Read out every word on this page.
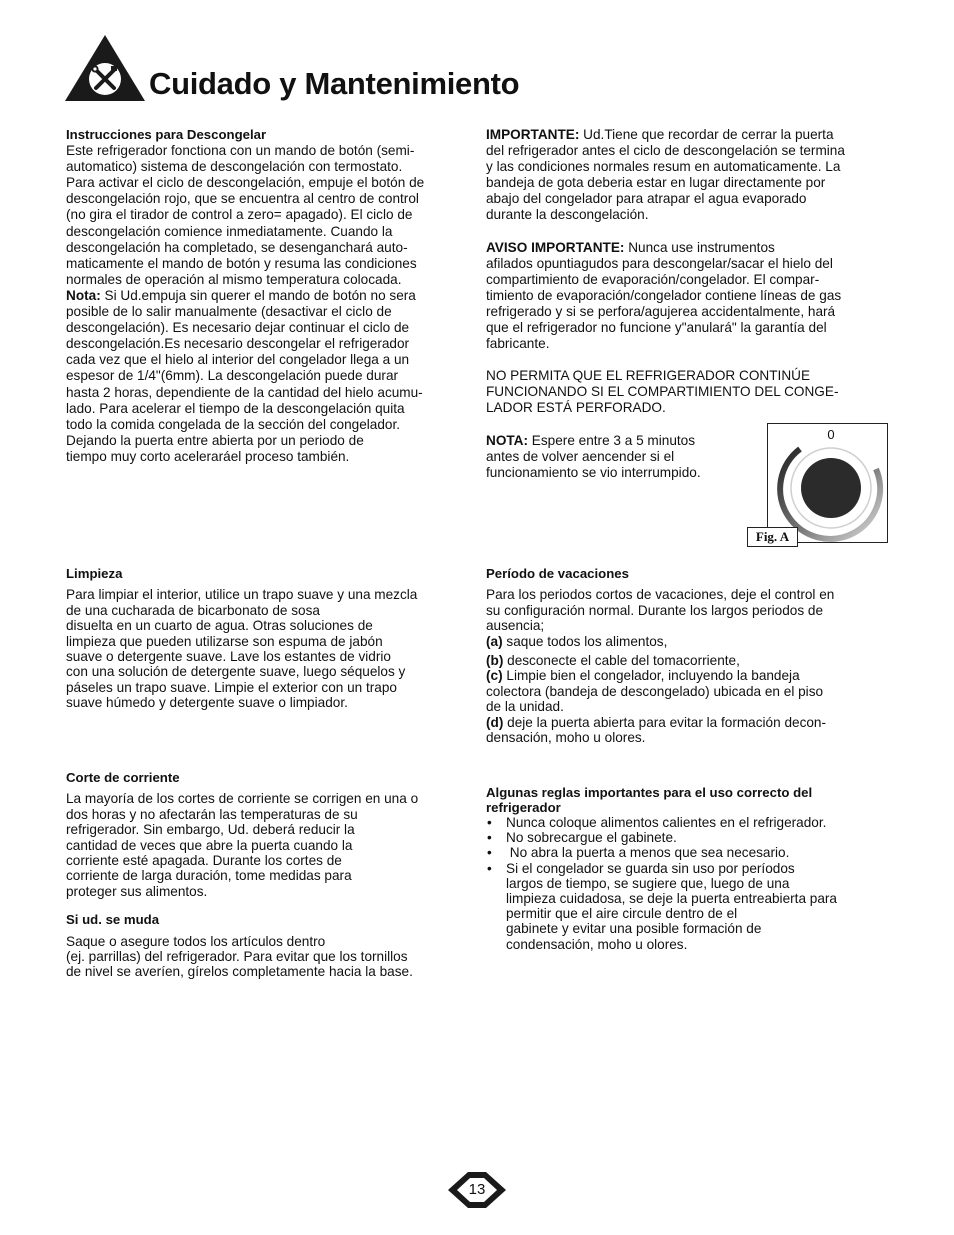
Cuidado y Mantenimiento
Instrucciones para Descongelar
Este refrigerador fonctiona con un mando de botón (semi-
automatico) sistema de descongelación con termostato.
Para activar el ciclo de descongelación, empuje el botón de
descongelación rojo, que se encuentra al centro de control
(no gira el tirador de control a zero= apagado). El ciclo de
descongelación comience inmediatamente. Cuando la
descongelación ha completado, se desenganchará auto-
maticamente el mando de botón y resuma las condiciones
normales de operación al mismo temperatura colocada.
Nota: Si Ud.empuja sin querer el mando de botón no sera
posible de lo salir manualmente (desactivar el ciclo de
descongelación). Es necesario dejar continuar el ciclo de
descongelación.Es necesario descongelar el refrigerador
cada vez que el hielo al interior del congelador llega a un
espesor de 1/4"(6mm). La descongelación puede durar
hasta 2 horas, dependiente de la cantidad del hielo acumu-
lado. Para acelerar el tiempo de la descongelación quita
todo la comida congelada de la sección del congelador.
Dejando la puerta entre abierta por un periodo de
tiempo muy corto aceleraráel proceso también.
IMPORTANTE: Ud.Tiene que recordar de cerrar la puerta
del refrigerador antes el ciclo de descongelación se termina
y las condiciones normales resum en automaticamente. La
bandeja de gota deberia estar en lugar directamente por
abajo del congelador para atrapar el agua evaporado
durante la descongelación.
AVISO IMPORTANTE: Nunca use instrumentos
afilados opuntiagudos para descongelar/sacar el hielo del
compartimiento de evaporación/congelador. El compar-
timiento de evaporación/congelador contiene líneas de gas
refrigerado y si se perfora/agujerea accidentalmente, hará
que el refrigerador no funcione y"anulará" la garantía del
fabricante.
NO PERMITA QUE EL REFRIGERADOR CONTINÚE
FUNCIONANDO SI EL COMPARTIMIENTO DEL CONGE-
LADOR ESTÁ PERFORADO.
NOTA: Espere entre 3 a 5 minutos
antes de volver aencender si el
funcionamiento se vio interrumpido.
0
Fig. A
Limpieza
Para limpiar el interior, utilice un trapo suave y una mezcla
de una cucharada de bicarbonato de sosa
disuelta en un cuarto de agua. Otras soluciones de
limpieza que pueden utilizarse son espuma de jabón
suave o detergente suave. Lave los estantes de vidrio
con una solución de detergente suave, luego séquelos y
páseles un trapo suave. Limpie el exterior con un trapo
suave húmedo y detergente suave o limpiador.
Período de vacaciones
Para los periodos cortos de vacaciones, deje el control en
su configuración normal. Durante los largos periodos de
ausencia;
(a) saque todos los alimentos,
(b) desconecte el cable del tomacorriente,
(c) Limpie bien el congelador, incluyendo la bandeja
colectora (bandeja de descongelado) ubicada en el piso
de la unidad.
(d) deje la puerta abierta para evitar la formación decon-
densación, moho u olores.
Corte de corriente
La mayoría de los cortes de corriente se corrigen en una o
dos horas y no afectarán las temperaturas de su
refrigerador. Sin embargo, Ud. deberá reducir la
cantidad de veces que abre la puerta cuando la
corriente esté apagada. Durante los cortes de
corriente de larga duración, tome medidas para
proteger sus alimentos.
Si ud. se muda
Saque o asegure todos los artículos dentro
(ej. parrillas) del refrigerador. Para evitar que los tornillos
de nivel se averíen, gírelos completamente hacia la base.
Algunas reglas importantes para el uso correcto del
refrigerador
• Nunca coloque alimentos calientes en el refrigerador.
• No sobrecargue el gabinete.
•  No abra la puerta a menos que sea necesario.
• Si el congelador se guarda sin uso por períodos
largos de tiempo, se sugiere que, luego de una
limpieza cuidadosa, se deje la puerta entreabierta para
permitir que el aire circule dentro de el
gabinete y evitar una posible formación de
condensación, moho u olores.
13
